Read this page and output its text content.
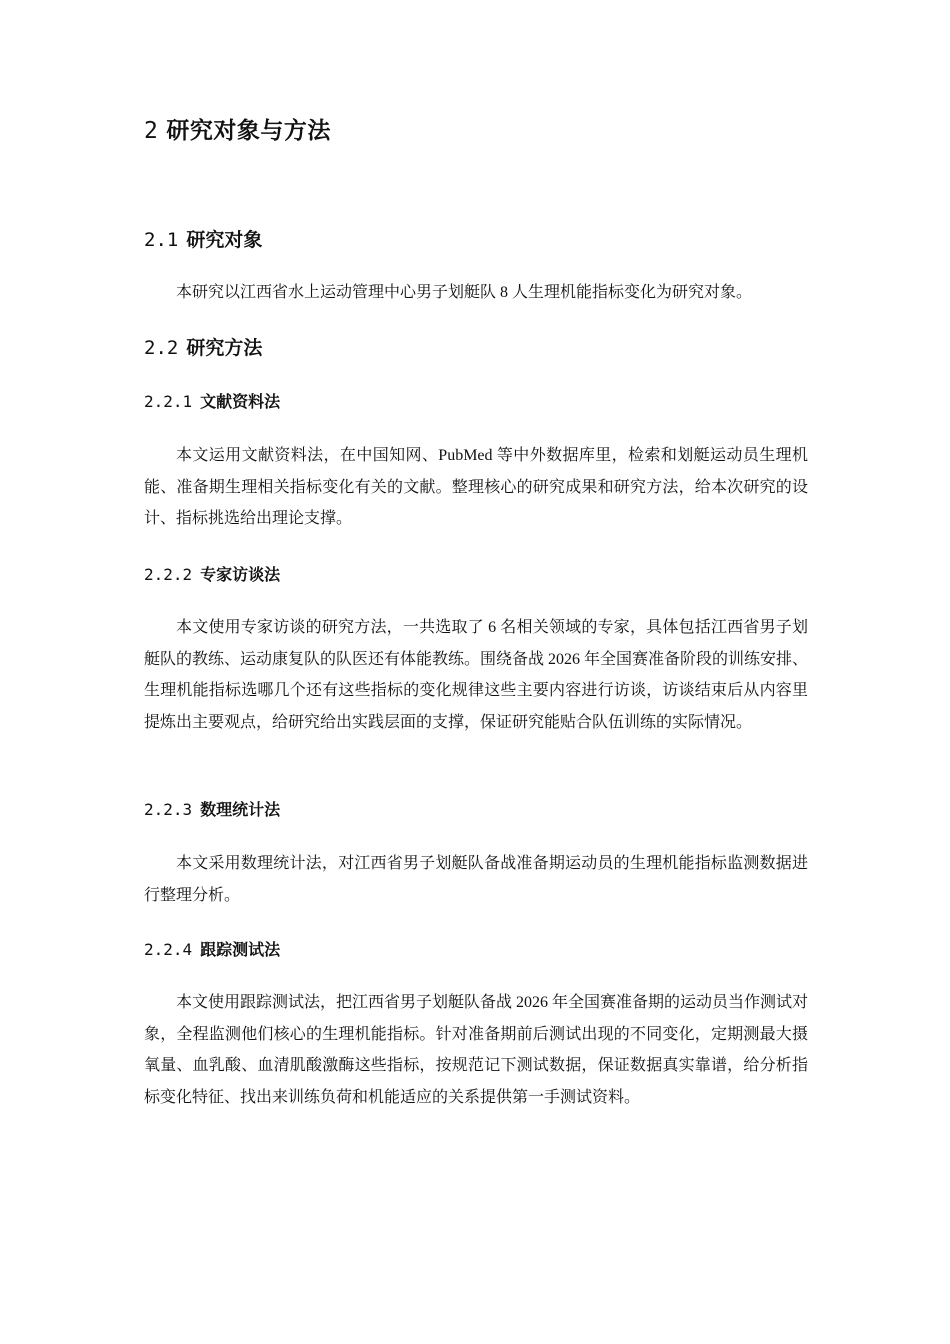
2 研究对象与方法
2.1 研究对象

本研究以江西省水上运动管理中心男子划艇队 8 人生理机能指标变化为研究对象。

2.2 研究方法
2.2.1 文献资料法

本文运用文献资料法，在中国知网、PubMed 等中外数据库里，检索和划艇运动员生理机能、准备期生理相关指标变化有关的文献。整理核心的研究成果和研究方法，给本次研究的设计、指标挑选给出理论支撑。

2.2.2 专家访谈法

本文使用专家访谈的研究方法，一共选取了 6 名相关领域的专家，具体包括江西省男子划艇队的教练、运动康复队的队医还有体能教练。围绕备战 2026 年全国赛准备阶段的训练安排、生理机能指标选哪几个还有这些指标的变化规律这些主要内容进行访谈，访谈结束后从内容里提炼出主要观点，给研究给出实践层面的支撑，保证研究能贴合队伍训练的实际情况。

2.2.3 数理统计法

本文采用数理统计法，对江西省男子划艇队备战准备期运动员的生理机能指标监测数据进行整理分析。

2.2.4 跟踪测试法

本文使用跟踪测试法，把江西省男子划艇队备战 2026 年全国赛准备期的运动员当作测试对象，全程监测他们核心的生理机能指标。针对准备期前后测试出现的不同变化，定期测最大摄氧量、血乳酸、血清肌酸激酶这些指标，按规范记下测试数据，保证数据真实靠谱，给分析指标变化特征、找出来训练负荷和机能适应的关系提供第一手测试资料。
